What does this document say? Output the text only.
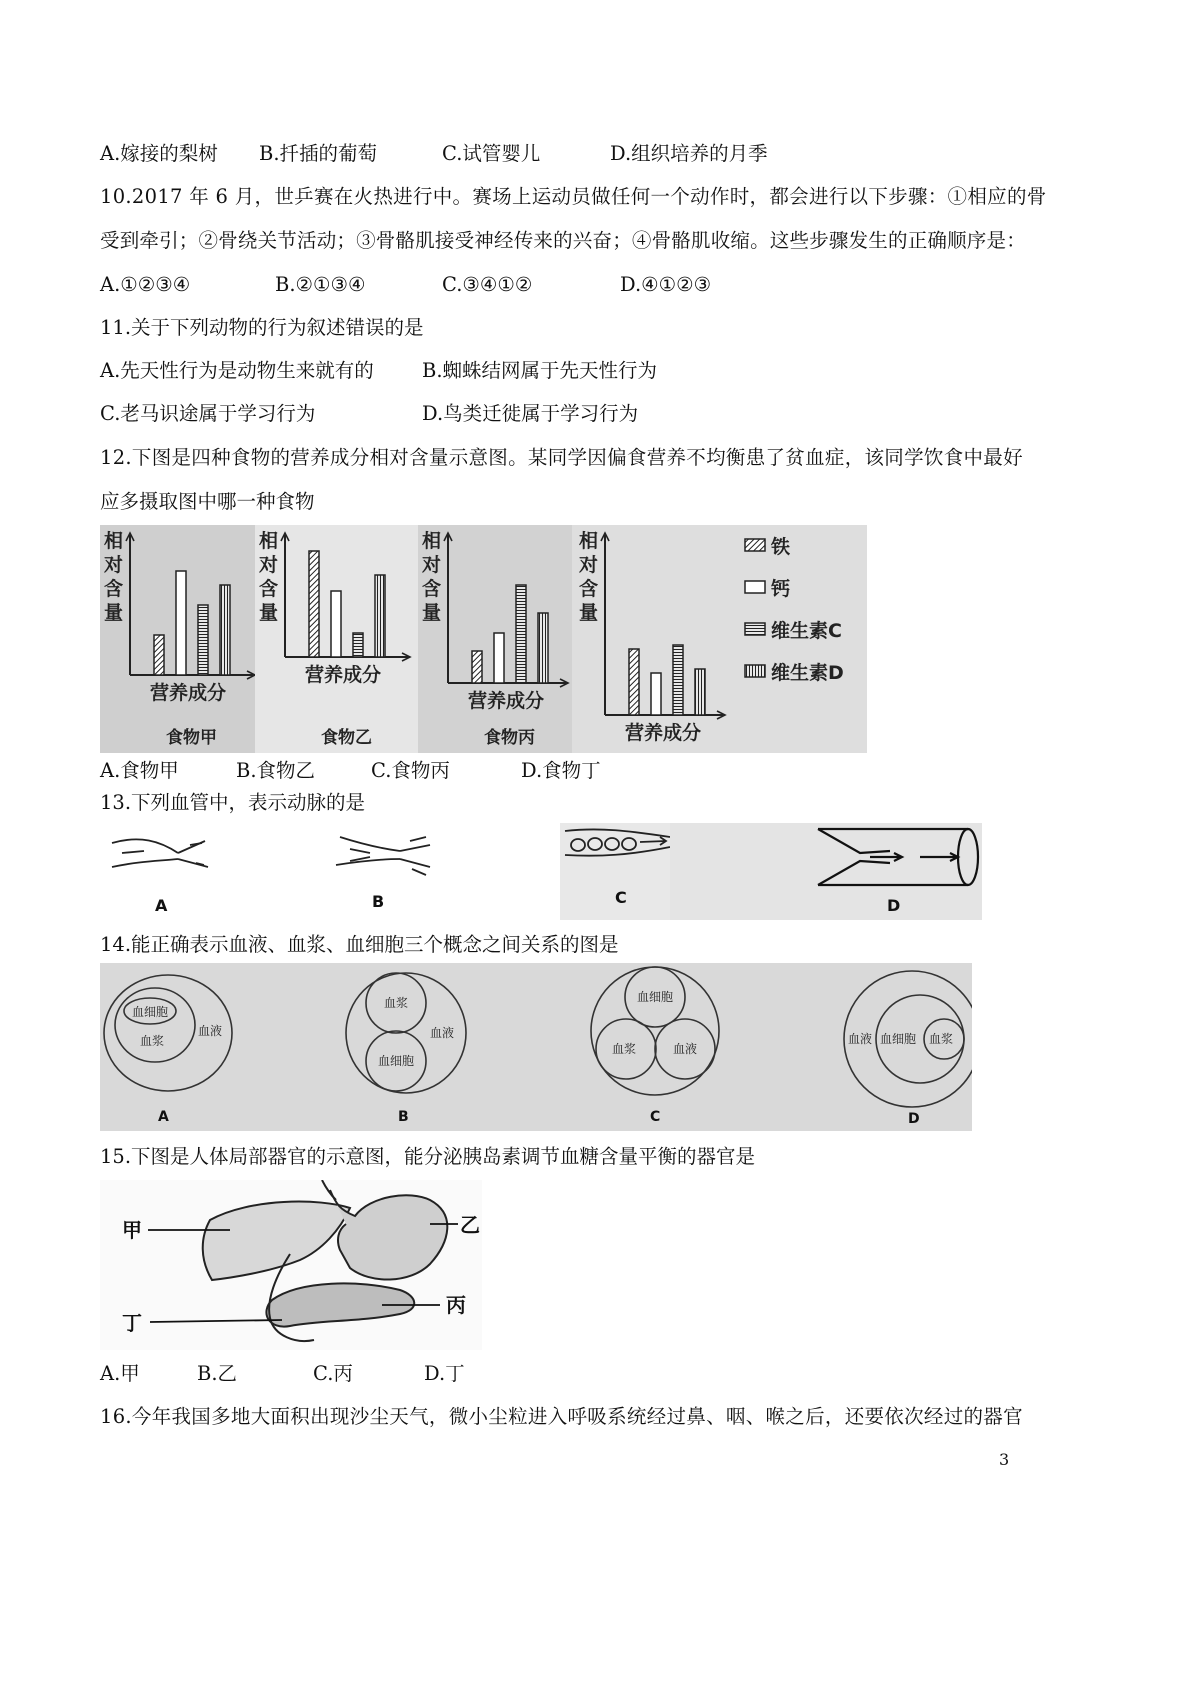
A.嫁接的梨树 B.扦插的葡萄	C.试管婴儿	D.组织培养的月季
10.2017 年 6 月，世乒赛在火热进行中。赛场上运动员做任何一个动作时，都会进行以下步骤：①相应的骨
受到牵引；②骨绕关节活动；③骨骼肌接受神经传来的兴奋；④骨骼肌收缩。这些步骤发生的正确顺序是：
A.①②③④	B.②①③④	C.③④①②	D.④①②③
11.关于下列动物的行为叙述错误的是
A.先天性行为是动物生来就有的 B.蜘蛛结网属于先天性行为
C.老马识途属于学习行为	D.鸟类迁徙属于学习行为
12.下图是四种食物的营养成分相对含量示意图。某同学因偏食营养不均衡患了贫血症，该同学饮食中最好
应多摄取图中哪一种食物
相
对
含
量
营养成分
食物甲
相
对
含
量
营养成分
食物乙
相
对
含
量
营养成分
食物丙
相
对
含
量
营养成分
铁
钙
维生素C
维生素D
A.食物甲	B.食物乙	C.食物丙	D.食物丁
13.下列血管中，表示动脉的是
A	B	C	D
14.能正确表示血液、血浆、血细胞三个概念之间关系的图是
血细胞
血浆
血液
A
血浆
血液
血细胞
B
血细胞
血浆	血液
C
血液 血细胞 血浆
D
15.下图是人体局部器官的示意图，能分泌胰岛素调节血糖含量平衡的器官是
甲	乙
丙
丁
A.甲	B.乙	C.丙	D.丁
16.今年我国多地大面积出现沙尘天气，微小尘粒进入呼吸系统经过鼻、咽、喉之后，还要依次经过的器官
3
